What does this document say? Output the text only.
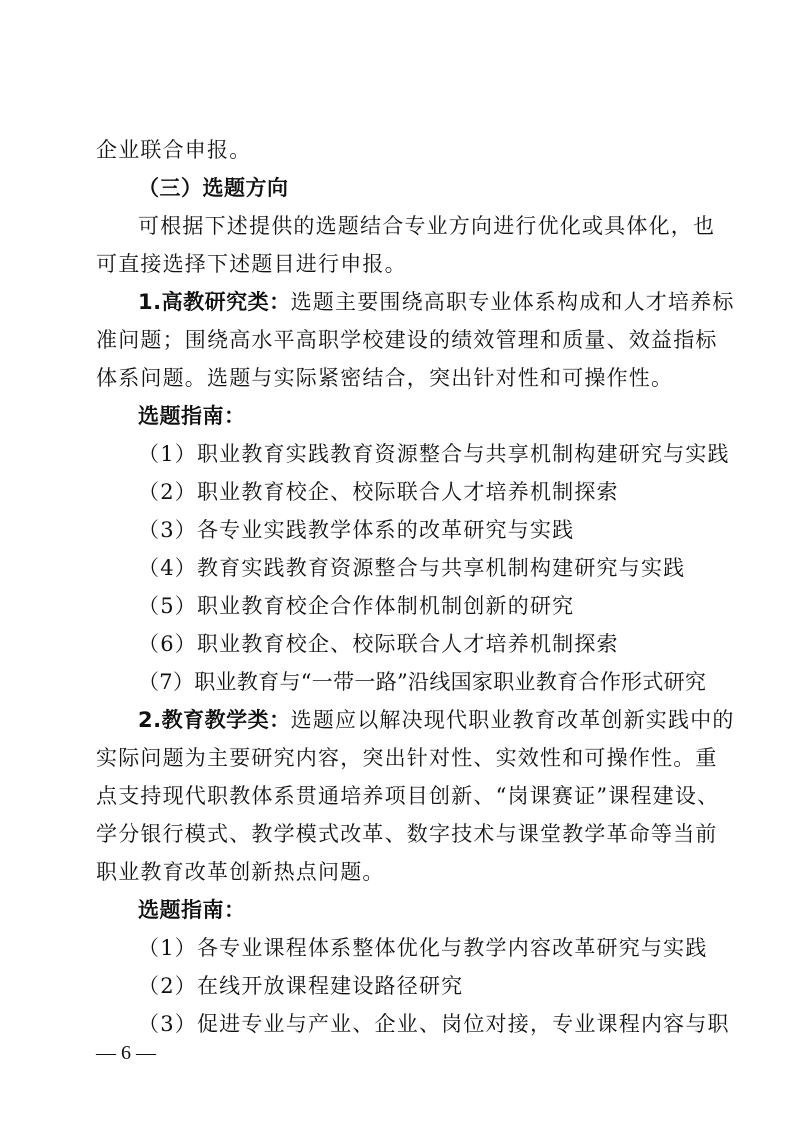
企业联合申报。
（三）选题方向
可根据下述提供的选题结合专业方向进行优化或具体化，也
可直接选择下述题目进行申报。
1.高教研究类：选题主要围绕高职专业体系构成和人才培养标
准问题；围绕高水平高职学校建设的绩效管理和质量、效益指标
体系问题。选题与实际紧密结合，突出针对性和可操作性。
选题指南：
（1）职业教育实践教育资源整合与共享机制构建研究与实践
（2）职业教育校企、校际联合人才培养机制探索
（3）各专业实践教学体系的改革研究与实践
（4）教育实践教育资源整合与共享机制构建研究与实践
（5）职业教育校企合作体制机制创新的研究
（6）职业教育校企、校际联合人才培养机制探索
（7）职业教育与“一带一路”沿线国家职业教育合作形式研究
2.教育教学类：选题应以解决现代职业教育改革创新实践中的
实际问题为主要研究内容，突出针对性、实效性和可操作性。重
点支持现代职教体系贯通培养项目创新、“岗课赛证”课程建设、
学分银行模式、教学模式改革、数字技术与课堂教学革命等当前
职业教育改革创新热点问题。
选题指南：
（1）各专业课程体系整体优化与教学内容改革研究与实践
（2）在线开放课程建设路径研究
（3）促进专业与产业、企业、岗位对接，专业课程内容与职
— 6 —
